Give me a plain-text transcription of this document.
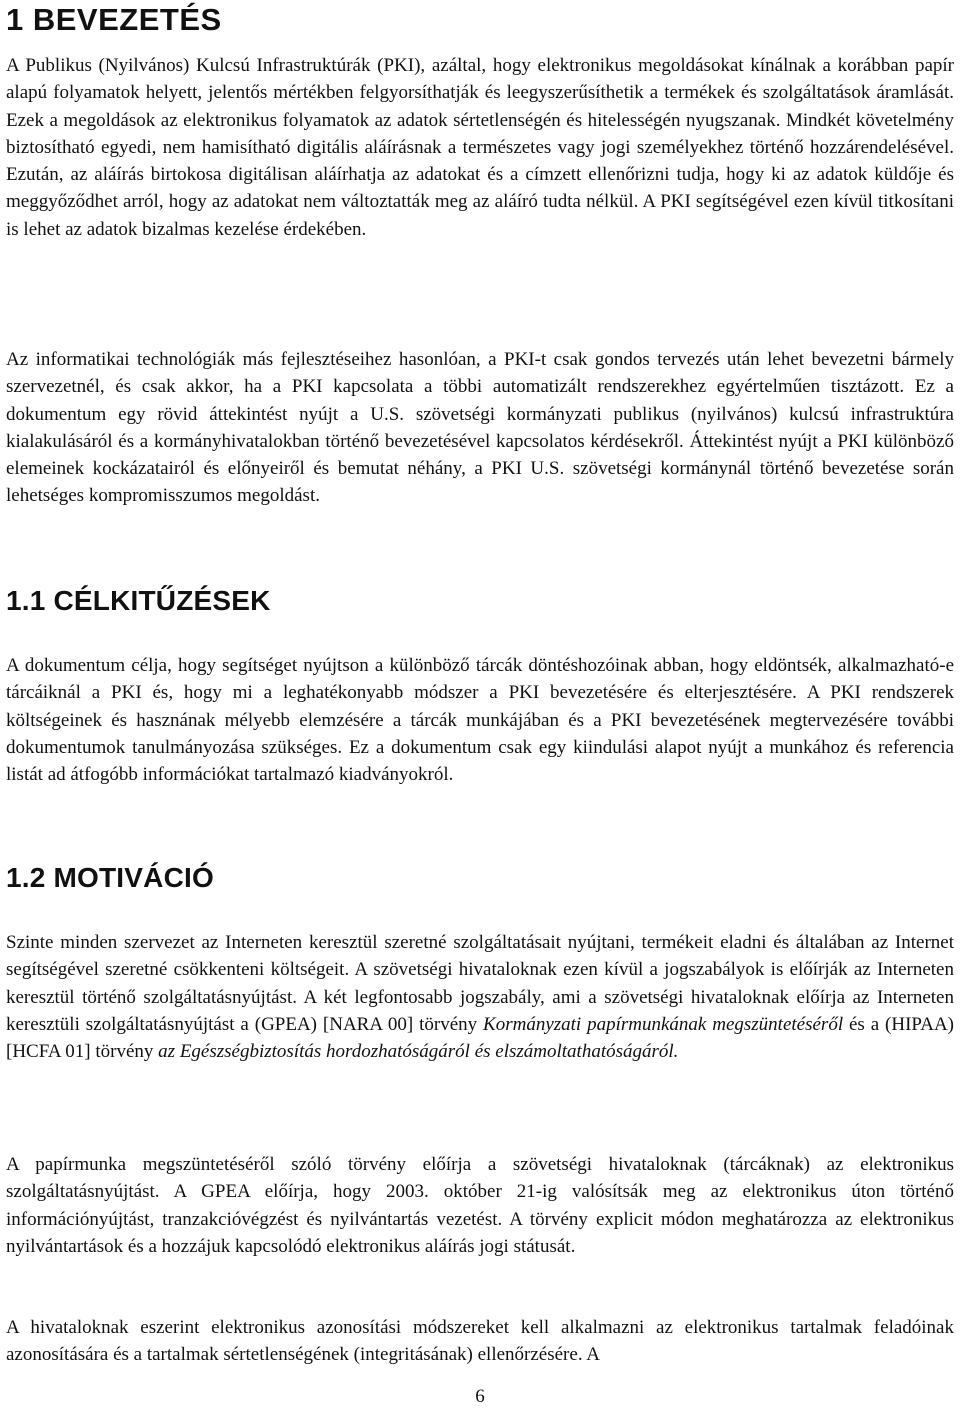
1 BEVEZETÉS

A Publikus (Nyilvános) Kulcsú Infrastruktúrák (PKI), azáltal, hogy elektronikus megoldásokat kínálnak a korábban papír alapú folyamatok helyett, jelentős mértékben felgyorsíthatják és leegyszerűsíthetik a termékek és szolgáltatások áramlását. Ezek a megoldások az elektronikus folyamatok az adatok sértetlenségén és hitelességén nyugszanak. Mindkét követelmény biztosítható egyedi, nem hamisítható digitális aláírásnak a természetes vagy jogi személyekhez történő hozzárendelésével. Ezután, az aláírás birtokosa digitálisan aláírhatja az adatokat és a címzett ellenőrizni tudja, hogy ki az adatok küldője és meggyőződhet arról, hogy az adatokat nem változtatták meg az aláíró tudta nélkül. A PKI segítségével ezen kívül titkosítani is lehet az adatok bizalmas kezelése érdekében.

Az informatikai technológiák más fejlesztéseihez hasonlóan, a PKI-t csak gondos tervezés után lehet bevezetni bármely szervezetnél, és csak akkor, ha a PKI kapcsolata a többi automatizált rendszerekhez egyértelműen tisztázott. Ez a dokumentum egy rövid áttekintést nyújt a U.S. szövetségi kormányzati publikus (nyilvános) kulcsú infrastruktúra kialakulásáról és a kormányhivatalokban történő bevezetésével kapcsolatos kérdésekről. Áttekintést nyújt a PKI különböző elemeinek kockázatairól és előnyeiről és bemutat néhány, a PKI U.S. szövetségi kormánynál történő bevezetése során lehetséges kompromisszumos megoldást.

1.1 CÉLKITŰZÉSEK

A dokumentum célja, hogy segítséget nyújtson a különböző tárcák döntéshozóinak abban, hogy eldöntsék, alkalmazható-e tárcáiknál a PKI és, hogy mi a leghatékonyabb módszer a PKI bevezetésére és elterjesztésére. A PKI rendszerek költségeinek és hasznának mélyebb elemzésére a tárcák munkájában és a PKI bevezetésének megtervezésére további dokumentumok tanulmányozása szükséges. Ez a dokumentum csak egy kiindulási alapot nyújt a munkához és referencia listát ad átfogóbb információkat tartalmazó kiadványokról.

1.2 MOTIVÁCIÓ

Szinte minden szervezet az Interneten keresztül szeretné szolgáltatásait nyújtani, termékeit eladni és általában az Internet segítségével szeretné csökkenteni költségeit. A szövetségi hivataloknak ezen kívül a jogszabályok is előírják az Interneten keresztül történő szolgáltatásnyújtást. A két legfontosabb jogszabály, ami a szövetségi hivataloknak előírja az Interneten keresztüli szolgáltatásnyújtást a (GPEA) [NARA 00] törvény Kormányzati papírmunkának megszüntetéséről és a (HIPAA) [HCFA 01] törvény az Egészségbiztosítás hordozhatóságáról és elszámoltathatóságáról.

A papírmunka megszüntetéséről szóló törvény előírja a szövetségi hivataloknak (tárcáknak) az elektronikus szolgáltatásnyújtást. A GPEA előírja, hogy 2003. október 21-ig valósítsák meg az elektronikus úton történő információnyújtást, tranzakcióvégzést és nyilvántartás vezetést. A törvény explicit módon meghatározza az elektronikus nyilvántartások és a hozzájuk kapcsolódó elektronikus aláírás jogi státusát.

A hivataloknak eszerint elektronikus azonosítási módszereket kell alkalmazni az elektronikus tartalmak feladóinak azonosítására és a tartalmak sértetlenségének (integritásának) ellenőrzésére. A

6
